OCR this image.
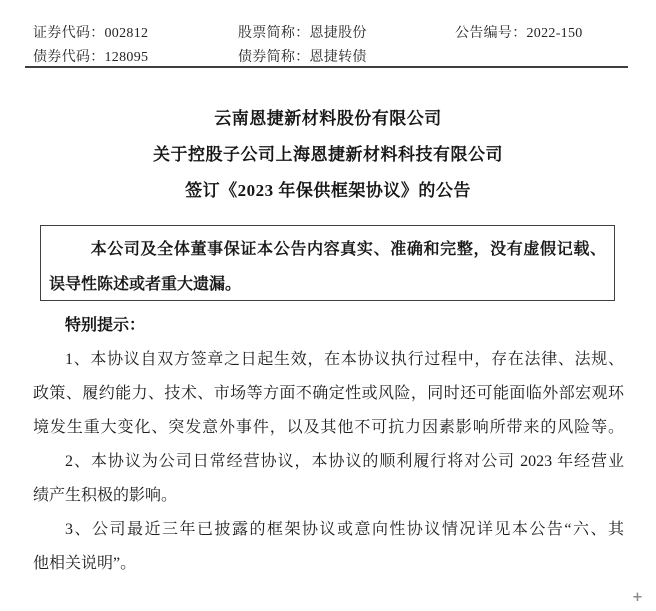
证券代码：002812	股票简称：恩捷股份	公告编号：2022-150
债券代码：128095	债券简称：恩捷转债
云南恩捷新材料股份有限公司
关于控股子公司上海恩捷新材料科技有限公司
签订《2023 年保供框架协议》的公告
本公司及全体董事保证本公告内容真实、准确和完整，没有虚假记载、
误导性陈述或者重大遗漏。
特别提示：
1、本协议自双方签章之日起生效，在本协议执行过程中，存在法律、法规、
政策、履约能力、技术、市场等方面不确定性或风险，同时还可能面临外部宏观环
境发生重大变化、突发意外事件，以及其他不可抗力因素影响所带来的风险等。
2、本协议为公司日常经营协议，本协议的顺利履行将对公司 2023 年经营业
绩产生积极的影响。
3、公司最近三年已披露的框架协议或意向性协议情况详见本公告“六、其
他相关说明”。
+
